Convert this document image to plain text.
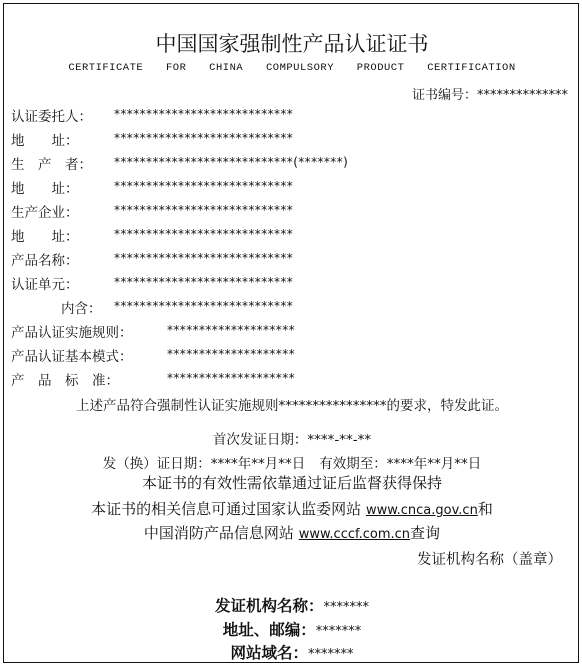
中国国家强制性产品认证证书
CERTIFICATE FOR CHINA COMPULSORY PRODUCT CERTIFICATION
证书编号：**************
认证委托人： ****************************
地　　址：	****************************
生　产　者： ****************************(*******)
地　　址：	****************************
生产企业：	****************************
地　　址：	****************************
产品名称：	****************************
认证单元：	****************************
内含： ****************************
产品认证实施规则：	********************
产品认证基本模式：	********************
产　品　标　准：	********************
上述产品符合强制性认证实施规则****************的要求，特发此证。
首次发证日期：****-**-**
发（换）证日期：****年**月**日 有效期至：****年**月**日
本证书的有效性需依靠通过证后监督获得保持
本证书的相关信息可通过国家认监委网站 www.cnca.gov.cn和
中国消防产品信息网站 www.cccf.com.cn查询
发证机构名称（盖章）
发证机构名称：*******
地址、邮编：*******
网站域名：*******
